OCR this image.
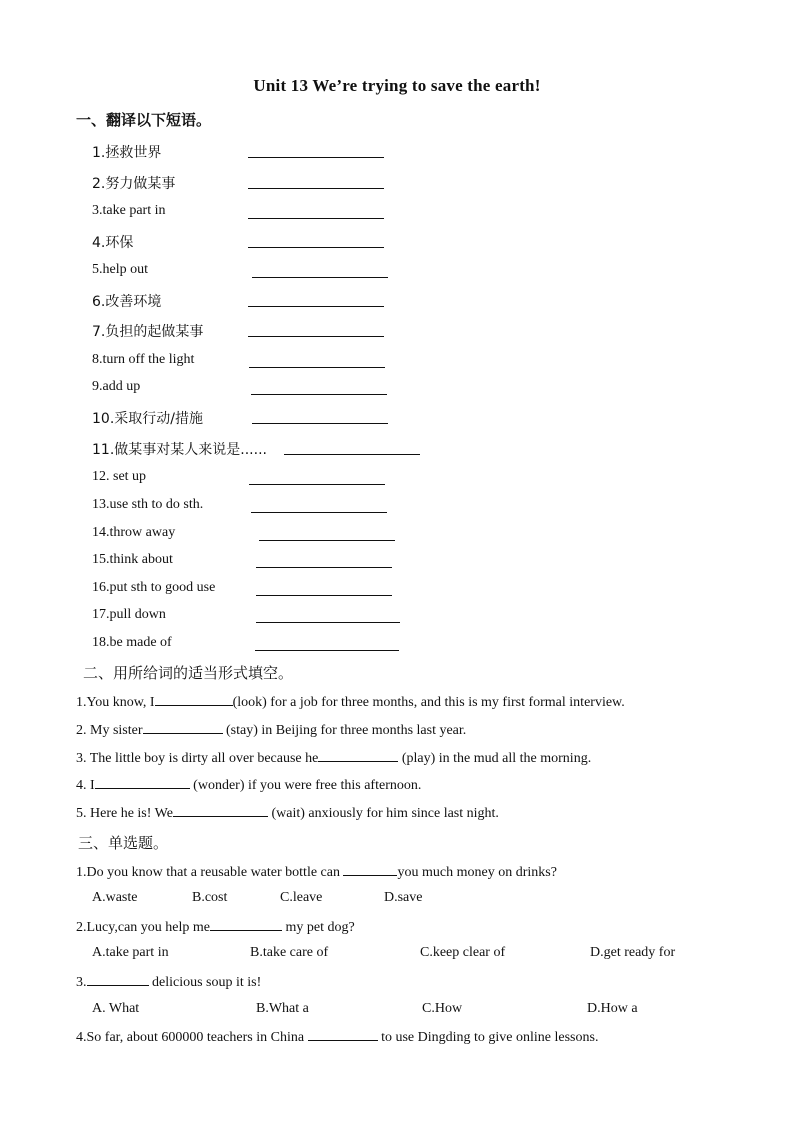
Unit 13 We’re trying to save the earth!
一、翻译以下短语。
1.拯救世界
2.努力做某事
3.take part in
4.环保
5.help out
6.改善环境
7.负担的起做某事
8.turn off the light
9.add up
10.采取行动/措施
11.做某事对某人来说是......
12. set up
13.use sth to do sth.
14.throw away
15.think about
16.put sth to good use
17.pull down
18.be made of
二、用所给词的适当形式填空。
1.You know, I	(look) for a job for three months, and this is my first formal interview.
2. My sister	(stay) in Beijing for three months last year.
3. The little boy is dirty all over because he	(play) in the mud all the morning.
4. I	(wonder) if you were free this afternoon.
5. Here he is! We	(wait) anxiously for him since last night.
三、单选题。
1.Do you know that a reusable water bottle can	you much money on drinks?
A.waste	B.cost	C.leave	D.save
2.Lucy,can you help me	my pet dog?
A.take part in	B.take care of	C.keep clear of	D.get ready for
3.	delicious soup it is!
A. What	B.What a	C.How	D.How a
4.So far, about 600000 teachers in China	to use Dingding to give online lessons.
